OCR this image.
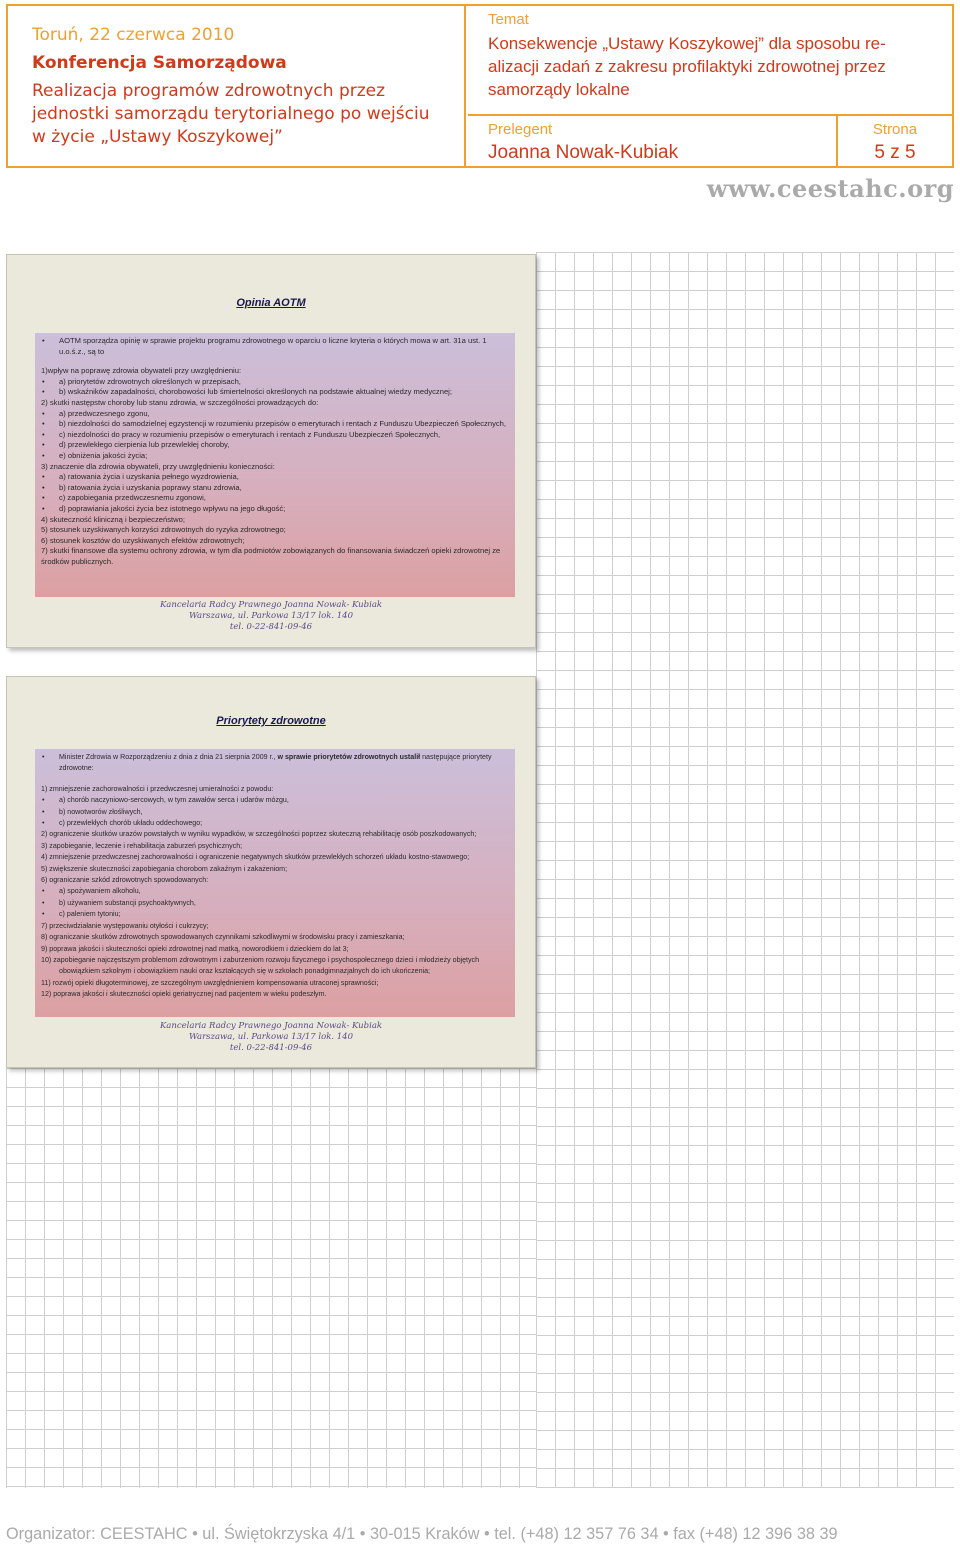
Toruń, 22 czerwca 2010
Konferencja Samorządowa
Realizacja programów zdrowotnych przez
jednostki samorządu terytorialnego po wejściu
w życie „Ustawy Koszykowej”
Temat
Konsekwencje „Ustawy Koszykowej” dla sposobu re-
alizacji zadań z zakresu profilaktyki zdrowotnej przez
samorządy lokalne
Prelegent
Joanna Nowak-Kubiak
Strona
5 z 5
www.ceestahc.org
Opinia AOTM
• AOTM sporządza opinię w sprawie projektu programu zdrowotnego w oparciu o liczne kryteria o których mowa w art. 31a ust. 1 u.o.ś.z., są to
1)wpływ na poprawę zdrowia obywateli przy uwzględnieniu:
• a) priorytetów zdrowotnych określonych w przepisach,
• b) wskaźników zapadalności, chorobowości lub śmiertelności określonych na podstawie aktualnej wiedzy medycznej;
2) skutki następstw choroby lub stanu zdrowia, w szczególności prowadzących do:
• a) przedwczesnego zgonu,
• b) niezdolności do samodzielnej egzystencji w rozumieniu przepisów o emeryturach i rentach z Funduszu Ubezpieczeń Społecznych,
• c) niezdolności do pracy w rozumieniu przepisów o emeryturach i rentach z Funduszu Ubezpieczeń Społecznych,
• d) przewlekłego cierpienia lub przewlekłej choroby,
• e) obniżenia jakości życia;
3) znaczenie dla zdrowia obywateli, przy uwzględnieniu konieczności:
• a) ratowania życia i uzyskania pełnego wyzdrowienia,
• b) ratowania życia i uzyskania poprawy stanu zdrowia,
• c) zapobiegania przedwczesnemu zgonowi,
• d) poprawiania jakości życia bez istotnego wpływu na jego długość;
4) skuteczność kliniczną i bezpieczeństwo;
5) stosunek uzyskiwanych korzyści zdrowotnych do ryzyka zdrowotnego;
6) stosunek kosztów do uzyskiwanych efektów zdrowotnych;
7) skutki finansowe dla systemu ochrony zdrowia, w tym dla podmiotów zobowiązanych do finansowania świadczeń opieki zdrowotnej ze środków publicznych.
Kancelaria Radcy Prawnego Joanna Nowak- Kubiak
Warszawa, ul. Parkowa 13/17 lok. 140
tel. 0-22-841-09-46
Priorytety zdrowotne
• Minister Zdrowia w Rozporządzeniu z dnia z dnia 21 sierpnia 2009 r., w sprawie priorytetów zdrowotnych ustalił następujące priorytety zdrowotne:
1) zmniejszenie zachorowalności i przedwczesnej umieralności z powodu:
• a) chorób naczyniowo-sercowych, w tym zawałów serca i udarów mózgu,
• b) nowotworów złośliwych,
• c) przewlekłych chorób układu oddechowego;
2) ograniczenie skutków urazów powstałych w wyniku wypadków, w szczególności poprzez skuteczną rehabilitację osób poszkodowanych;
3) zapobieganie, leczenie i rehabilitacja zaburzeń psychicznych;
4) zmniejszenie przedwczesnej zachorowalności i ograniczenie negatywnych skutków przewlekłych schorzeń układu kostno-stawowego;
5) zwiększenie skuteczności zapobiegania chorobom zakaźnym i zakażeniom;
6) ograniczanie szkód zdrowotnych spowodowanych:
• a) spożywaniem alkoholu,
• b) używaniem substancji psychoaktywnych,
• c) paleniem tytoniu;
7) przeciwdziałanie występowaniu otyłości i cukrzycy;
8) ograniczanie skutków zdrowotnych spowodowanych czynnikami szkodliwymi w środowisku pracy i zamieszkania;
9) poprawa jakości i skuteczności opieki zdrowotnej nad matką, noworodkiem i dzieckiem do lat 3;
10) zapobieganie najczęstszym problemom zdrowotnym i zaburzeniom rozwoju fizycznego i psychospołecznego dzieci i młodzieży objętych obowiązkiem szkolnym i obowiązkiem nauki oraz kształcących się w szkołach ponadgimnazjalnych do ich ukończenia;
11) rozwój opieki długoterminowej, ze szczególnym uwzględnieniem kompensowania utraconej sprawności;
12) poprawa jakości i skuteczności opieki geriatrycznej nad pacjentem w wieku podeszłym.
Kancelaria Radcy Prawnego Joanna Nowak- Kubiak
Warszawa, ul. Parkowa 13/17 lok. 140
tel. 0-22-841-09-46
Organizator: CEESTAHC • ul. Świętokrzyska 4/1 • 30-015 Kraków • tel. (+48) 12 357 76 34 • fax (+48) 12 396 38 39
